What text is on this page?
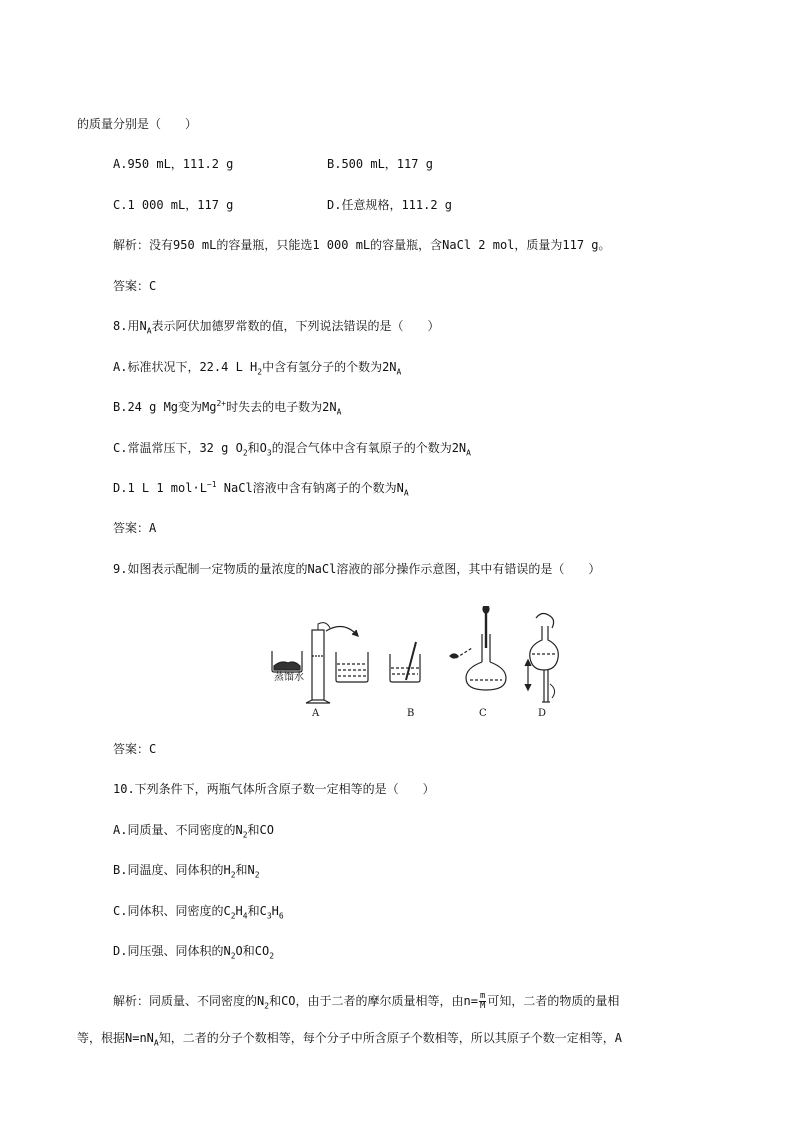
的质量分别是（　　）
A.950 mL，111.2 g	B.500 mL，117 g
C.1 000 mL，117 g	D.任意规格，111.2 g
解析：没有950 mL的容量瓶，只能选1 000 mL的容量瓶，含NaCl 2 mol，质量为117 g。
答案：C
8.用$N_A$表示阿伏加德罗常数的值，下列说法错误的是（　　）
A.标准状况下，22.4 L $H_2$中含有氢分子的个数为$2N_A$
B.24 g Mg变为$Mg^{2+}$时失去的电子数为$2N_A$
C.常温常压下，32 g $O_2$和$O_3$的混合气体中含有氧原子的个数为$2N_A$
D.1 L 1 $mol\cdot L^{-1}$ NaCl溶液中含有钠离子的个数为$N_A$
答案：A
9.如图表示配制一定物质的量浓度的NaCl溶液的部分操作示意图，其中有错误的是（　　）
蒸馏水
A	B	C	D
答案：C
10.下列条件下，两瓶气体所含原子数一定相等的是（　　）
A.同质量、不同密度的$N_2$和CO
B.同温度、同体积的$H_2$和$N_2$
C.同体积、同密度的$C_2H_4$和$C_3H_6$
D.同压强、同体积的$N_2O$和$CO_2$
解析：同质量、不同密度的$N_2$和CO，由于二者的摩尔质量相等，由$n= \frac{m}{M}$ 可知，二者的物质的量相
等，根据$N=nN_A$知，二者的分子个数相等，每个分子中所含原子个数相等，所以其原子个数一定相等，A
